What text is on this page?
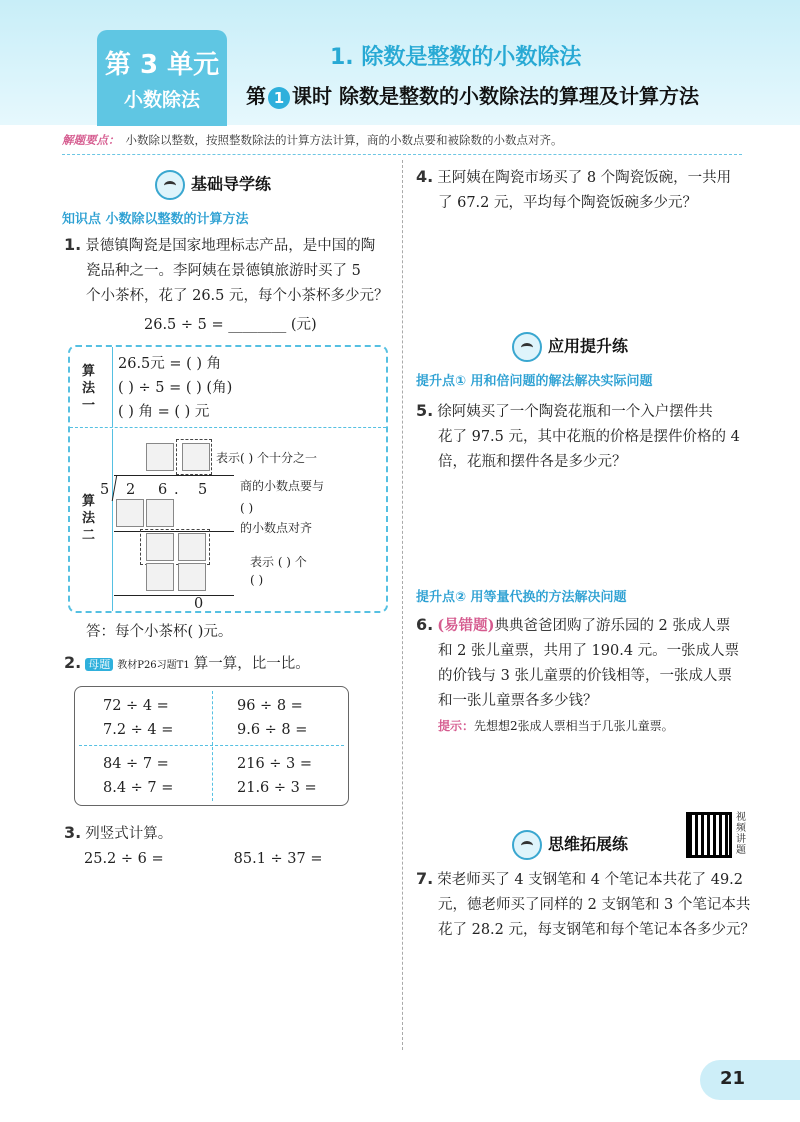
第 3 单元
小数除法
1. 除数是整数的小数除法
第 1 课时 除数是整数的小数除法的算理及计算方法
解题要点： 小数除以整数，按照整数除法的计算方法计算，商的小数点要和被除数的小数点对齐。
基础导学练
知识点 小数除以整数的计算方法
1. 景德镇陶瓷是国家地理标志产品，是中国的陶
瓷品种之一。李阿姨在景德镇旅游时买了 5
个小茶杯，花了 26.5 元，每个小茶杯多少元？
26.5 ÷ 5 = ________ (元)
算法一
26.5元 = ( ) 角
( ) ÷ 5 = ( ) (角)
( ) 角 = ( ) 元
算法二
表示( ) 个十分之一
5 2 6 . 5	商的小数点要与
( )
的小数点对齐
表示 ( ) 个
( )
0
答：每个小茶杯( )元。
2. 母题 教材P26习题T1 算一算，比一比。
72 ÷ 4 =
7.2 ÷ 4 =
96 ÷ 8 =
9.6 ÷ 8 =
84 ÷ 7 =
8.4 ÷ 7 =
216 ÷ 3 =
21.6 ÷ 3 =
3. 列竖式计算。
25.2 ÷ 6 =	85.1 ÷ 37 =
4. 王阿姨在陶瓷市场买了 8 个陶瓷饭碗，一共用
了 67.2 元，平均每个陶瓷饭碗多少元？
应用提升练
提升点① 用和倍问题的解法解决实际问题
5. 徐阿姨买了一个陶瓷花瓶和一个入户摆件共
花了 97.5 元，其中花瓶的价格是摆件价格的 4
倍，花瓶和摆件各是多少元？
提升点② 用等量代换的方法解决问题
6. (易错题)典典爸爸团购了游乐园的 2 张成人票
和 2 张儿童票，共用了 190.4 元。一张成人票
的价钱与 3 张儿童票的价钱相等，一张成人票
和一张儿童票各多少钱？
提示：先想想2张成人票相当于几张儿童票。
思维拓展练
视频讲题
7. 荣老师买了 4 支钢笔和 4 个笔记本共花了 49.2
元，德老师买了同样的 2 支钢笔和 3 个笔记本共
花了 28.2 元，每支钢笔和每个笔记本各多少元？
21
